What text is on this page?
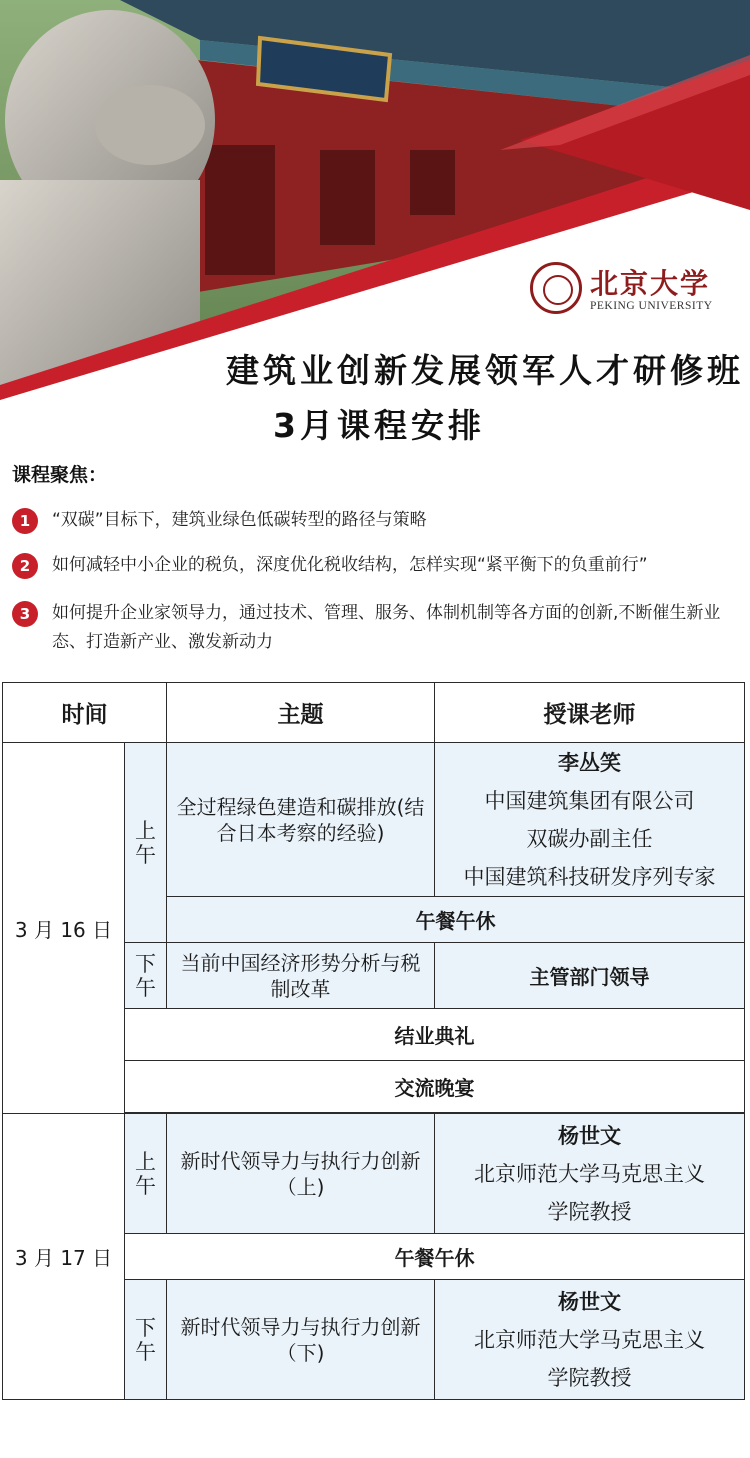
北京大学
PEKING UNIVERSITY
建筑业创新发展领军人才研修班
3月课程安排
课程聚焦：
1	“双碳”目标下，建筑业绿色低碳转型的路径与策略
2	如何减轻中小企业的税负，深度优化税收结构，怎样实现“紧平衡下的负重前行”
3	如何提升企业家领导力，通过技术、管理、服务、体制机制等各方面的创新,不断催生新业态、打造新产业、激发新动力
时间		主题	授课老师
3 月 16 日	上午	全过程绿色建造和碳排放(结合日本考察的经验)	李丛笑
中国建筑集团有限公司
双碳办副主任
中国建筑科技研发序列专家

		午餐午休	
	下午	当前中国经济形势分析与税制改革	主管部门领导
	结业典礼		
	交流晚宴		

3 月 17 日	上午	新时代领导力与执行力创新（上)	杨世文
北京师范大学马克思主义
学院教授

	午餐午休		
	下午	新时代领导力与执行力创新（下)	杨世文
北京师范大学马克思主义
学院教授
